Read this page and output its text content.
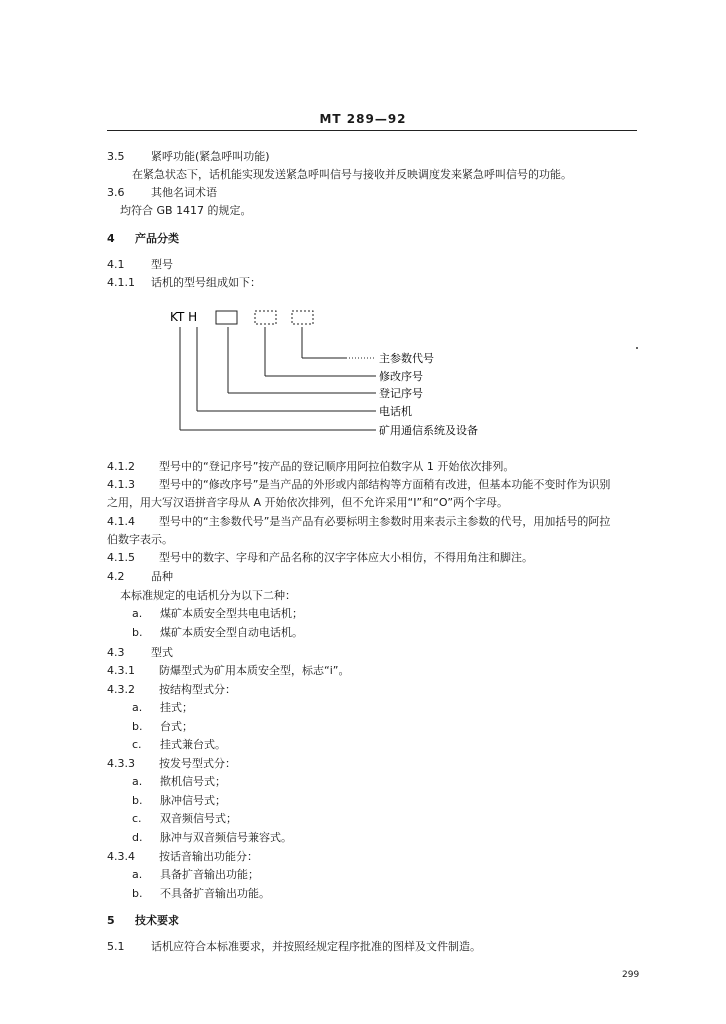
MT 289—92
3.5 紧呼功能(紧急呼叫功能)
在紧急状态下，话机能实现发送紧急呼叫信号与接收并反映调度发来紧急呼叫信号的功能。
3.6 其他名词术语
均符合 GB 1417 的规定。
4 产品分类
4.1 型号
4.1.1 话机的型号组成如下：
KT H
主参数代号
修改序号
登记序号
电话机
矿用通信系统及设备
4.1.2 型号中的“登记序号”按产品的登记顺序用阿拉伯数字从 1 开始依次排列。
4.1.3 型号中的“修改序号”是当产品的外形或内部结构等方面稍有改进，但基本功能不变时作为识别
之用，用大写汉语拼音字母从 A 开始依次排列，但不允许采用“I”和“O”两个字母。
4.1.4 型号中的“主参数代号”是当产品有必要标明主参数时用来表示主参数的代号，用加括号的阿拉
伯数字表示。
4.1.5 型号中的数字、字母和产品名称的汉字字体应大小相仿，不得用角注和脚注。
4.2 品种
本标准规定的电话机分为以下二种：
a. 煤矿本质安全型共电电话机；
b. 煤矿本质安全型自动电话机。
4.3 型式
4.3.1 防爆型式为矿用本质安全型，标志“i”。
4.3.2 按结构型式分：
a. 挂式；
b. 台式；
c. 挂式兼台式。
4.3.3 按发号型式分：
a. 揿机信号式；
b. 脉冲信号式；
c. 双音频信号式；
d. 脉冲与双音频信号兼容式。
4.3.4 按话音输出功能分：
a. 具备扩音输出功能；
b. 不具备扩音输出功能。
5 技术要求
5.1 话机应符合本标准要求，并按照经规定程序批准的图样及文件制造。
299
